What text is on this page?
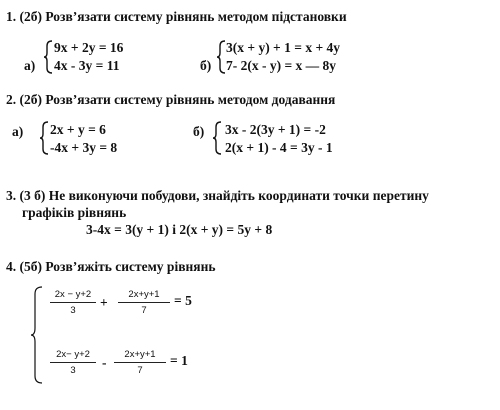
1. (2б) Розв’язати систему рівнянь методом підстановки
а)
9x + 2y = 16
4x - 3y = 11	б)
3(x + y) + 1 = x + 4y
7- 2(x - y) = x — 8y
2. (2б) Розв’язати систему рівнянь методом додавання
а) 2x + y = 6
-4x + 3y = 8
б) 3x - 2(3y + 1) = -2
2(x + 1) - 4 = 3y - 1
3. (3 б) Не виконуючи побудови, знайдіть координати точки перетину
графіків рівнянь
3-4x = 3(y + 1) і 2(x + y) = 5y + 8
4. (5б) Розв’яжіть систему рівнянь
2x − y+2
3
+
2x+y+1
7
= 5
2x− y+2
3
-
2x+y+1
7
= 1
